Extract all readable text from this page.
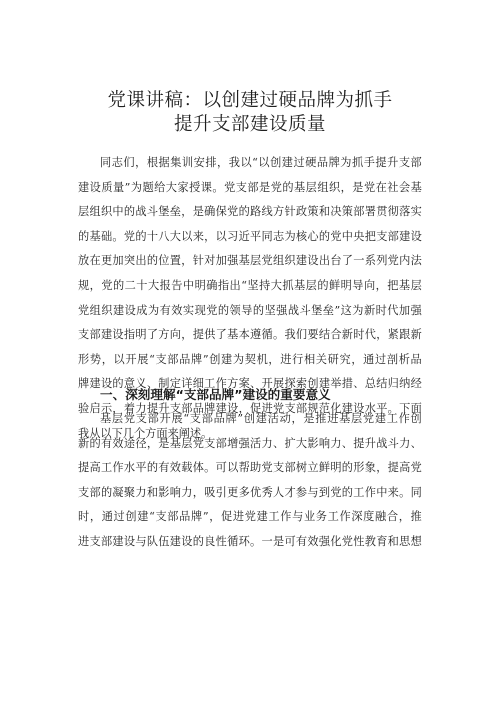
党课讲稿：以创建过硬品牌为抓手
提升支部建设质量
同 志 们 ， 根 据 集 训 安 排 ， 我 以 “ 以 创 建 过 硬 品 牌 为 抓 手 提 升 支 部
建 设 质 量 ” 为 题 给 大 家 授 课 。 党 支 部 是 党 的 基 层 组 织 ， 是 党 在 社 会 基
层 组 织 中 的 战 斗 堡 垒 ， 是 确 保 党 的 路 线 方 针 政 策 和 决 策 部 署 贯 彻 落 实
的 基 础 。 党 的 十 八 大 以 来 ， 以 习 近 平 同 志 为 核 心 的 党 中 央 把 支 部 建 设
放 在 更 加 突 出 的 位 置 ， 针 对 加 强 基 层 党 组 织 建 设 出 台 了 一 系 列 党 内 法
规 ， 党 的 二 十 大 报 告 中 明 确 指 出 “ 坚 持 大 抓 基 层 的 鲜 明 导 向 ， 把 基 层
党 组 织 建 设 成 为 有 效 实 现 党 的 领 导 的 坚 强 战 斗 堡 垒 ” 这 为 新 时 代 加 强
支 部 建 设 指 明 了 方 向 ， 提 供 了 基 本 遵 循 。 我 们 要 结 合 新 时 代 ， 紧 跟 新
形 势 ， 以 开 展 “ 支 部 品 牌 ” 创 建 为 契 机 ， 进 行 相 关 研 究 ， 通 过 剖 析 品
牌 建 设 的 意 义 、 制 定 详 细 工 作 方 案 、 开 展 探 索 创 建 举 措 、 总 结 归 纳 经
验 启 示 ， 着 力 提 升 支 部 品 牌 建 设 ， 促 进 党 支 部 规 范 化 建 设 水 平 。 下 面
我从以下几个方面来阐述。
一、深刻理解“支部品牌”建设的重要意义
基 层 党 支 部 开 展 “ 支 部 品 牌 ” 创 建 活 动 ， 是 推 进 基 层 党 建 工 作 创
新 的 有 效 途 径 ， 是 基 层 党 支 部 增 强 活 力 、 扩 大 影 响 力 、 提 升 战 斗 力 、
提 高 工 作 水 平 的 有 效 载 体 。 可 以 帮 助 党 支 部 树 立 鲜 明 的 形 象 ， 提 高 党
支 部 的 凝 聚 力 和 影 响 力 ， 吸 引 更 多 优 秀 人 才 参 与 到 党 的 工 作 中 来 。 同
时 ， 通 过 创 建 “ 支 部 品 牌 ” ， 促 进 党 建 工 作 与 业 务 工 作 深 度 融 合 ， 推
进 支 部 建 设 与 队 伍 建 设 的 良 性 循 环 。 一 是 可 有 效 强 化 党 性 教 育 和 思 想
